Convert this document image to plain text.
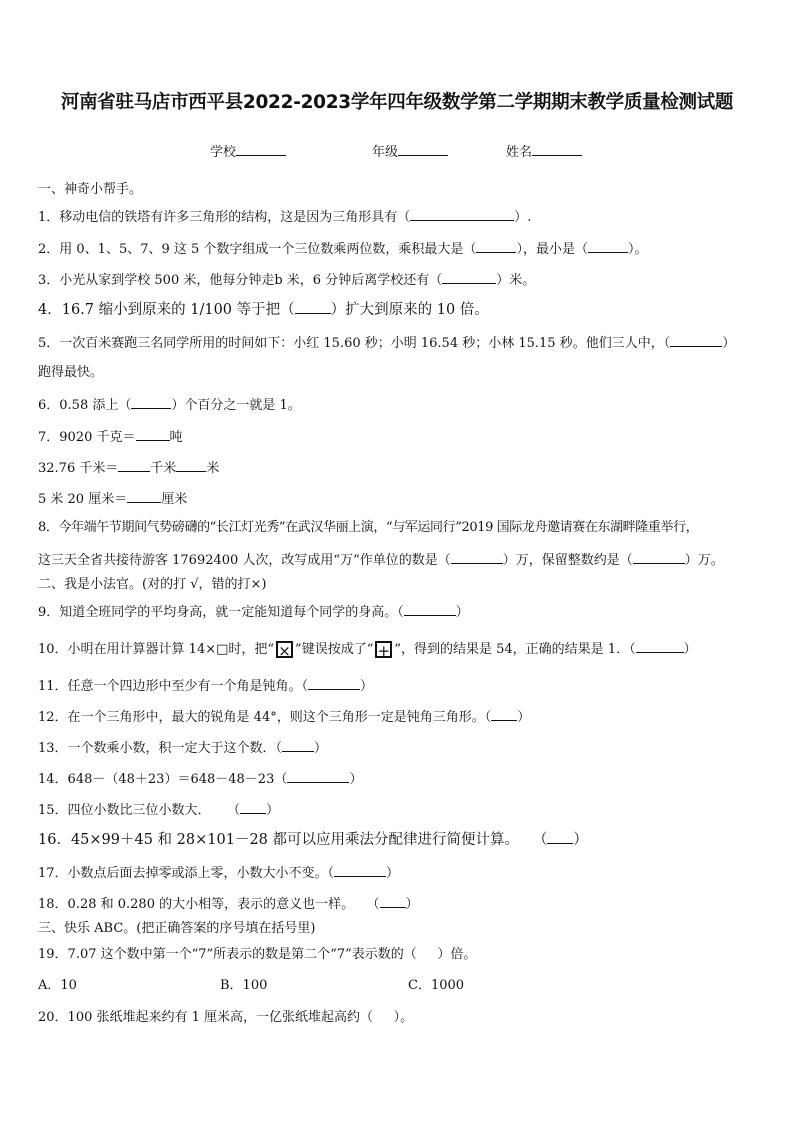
河南省驻马店市西平县2022-2023学年四年级数学第二学期期末教学质量检测试题
学校	年级	姓名
一、神奇小帮手。
1．移动电信的铁塔有许多三角形的结构，这是因为三角形具有（	）.
2．用 0、1、5、7、9 这 5 个数字组成一个三位数乘两位数，乘积最大是（	），最小是（	）。
3．小光从家到学校 500 米，他每分钟走b 米，6 分钟后离学校还有（	）米。
4．16.7 缩小到原来的 1/100 等于把（ ）扩大到原来的 10 倍。
5．一次百米赛跑三名同学所用的时间如下：小红 15.60 秒；小明 16.54 秒；小林 15.15 秒。他们三人中，（	）
跑得最快。
6．0.58 添上（	）个百分之一就是 1。
7．9020 千克＝	吨
32.76 千米＝ 千米 米
5 米 20 厘米＝	厘米
8．今年端午节期间气势磅礴的“长江灯光秀”在武汉华丽上演，“与军运同行”2019 国际龙舟邀请赛在东湖畔隆重举行，
这三天全省共接待游客 17692400 人次，改写成用“万”作单位的数是（	）万，保留整数约是（	）万。
二、我是小法官。(对的打 √，错的打×)
9．知道全班同学的平均身高，就一定能知道每个同学的身高。（	）
10．小明在用计算器计算 14×□时，把“ × ”键误按成了“ + ”，得到的结果是 54，正确的结果是 1．（	）
11．任意一个四边形中至少有一个角是钝角。（	）
12．在一个三角形中，最大的锐角是 44°，则这个三角形一定是钝角三角形。（ ）
13．一个数乘小数，积一定大于这个数．（ ）
14．648－（48＋23）＝648－48－23（	）
15．四位小数比三位小数大．    （ ）
16．45×99＋45 和 28×101－28 都可以应用乘法分配律进行简便计算。   （ ）
17．小数点后面去掉零或添上零，小数大小不变。（	）
18．0.28 和 0.280 的大小相等，表示的意义也一样。   （ ）
三、快乐 ABC。(把正确答案的序号填在括号里)
19．7.07 这个数中第一个“7”所表示的数是第二个“7”表示数的（     ）倍。
A．10	B．100	C．1000
20．100 张纸堆起来约有 1 厘米高，一亿张纸堆起高约（     ）。
